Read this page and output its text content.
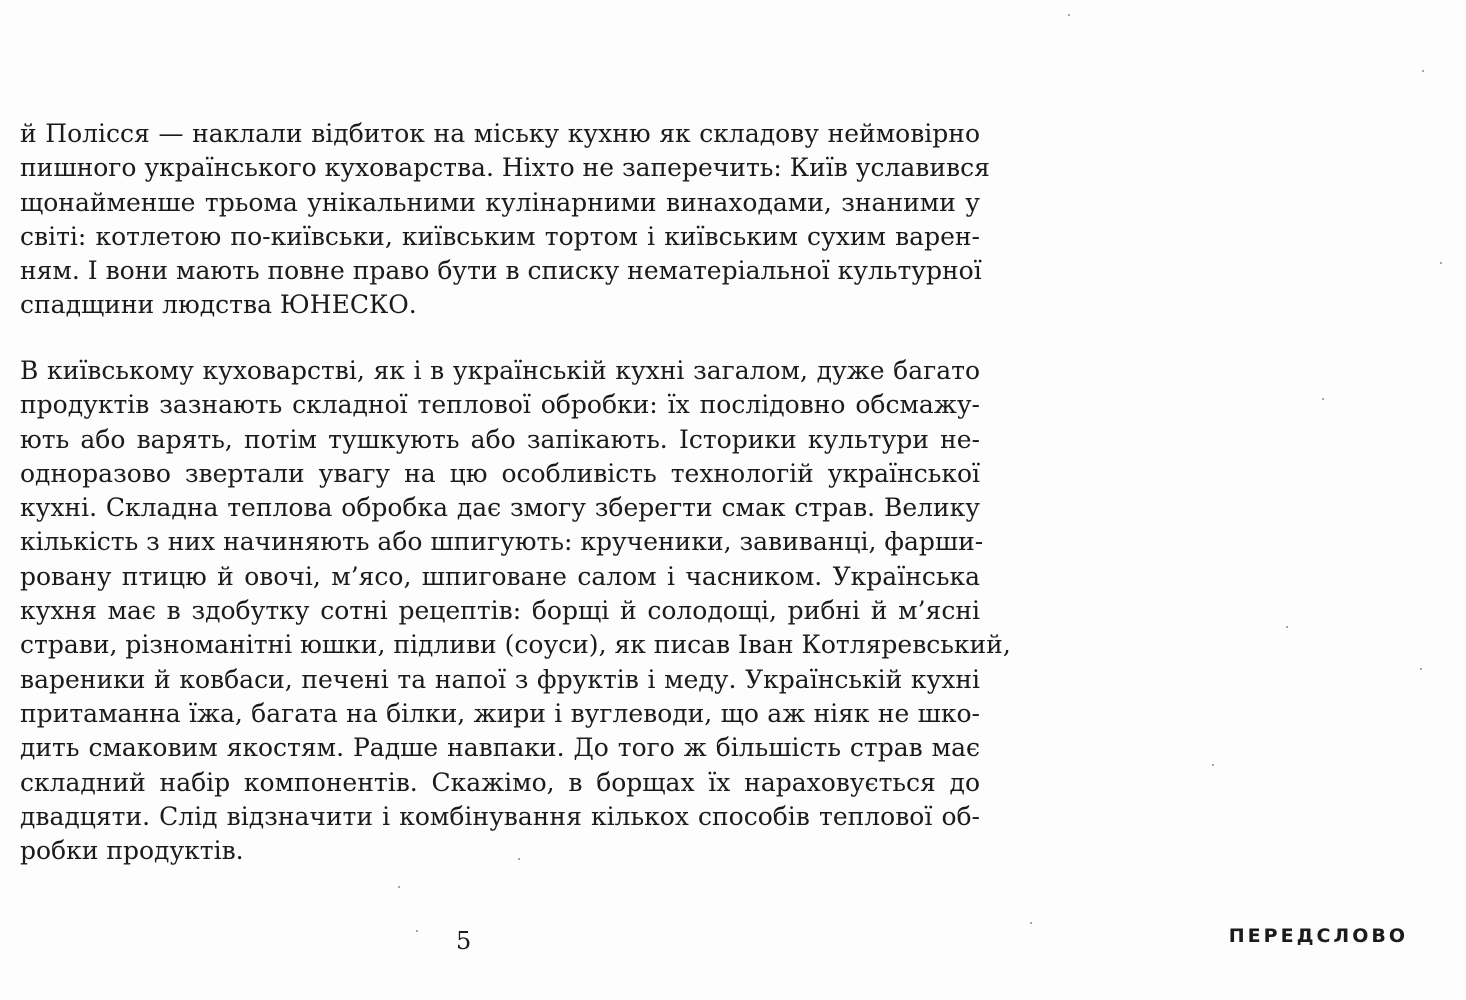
й Полісся — наклали відбиток на міську кухню як складову неймовірно
пишного українського куховарства. Ніхто не заперечить: Київ уславився
щонайменше трьома унікальними кулінарними винаходами, знаними у
світі: котлетою по-київськи, київським тортом і київським сухим варен-
ням. І вони мають повне право бути в списку нематеріальної культурної
спадщини людства ЮНЕСКО.
В київському куховарстві, як і в українській кухні загалом, дуже багато
продуктів зазнають складної теплової обробки: їх послідовно обсмажу-
ють або варять, потім тушкують або запікають. Історики культури не-
одноразово звертали увагу на цю особливість технологій української
кухні. Складна теплова обробка дає змогу зберегти смак страв. Велику
кількість з них начиняють або шпигують: крученики, завиванці, фарши-
ровану птицю й овочі, м’ясо, шпиговане салом і часником. Українська
кухня має в здобутку сотні рецептів: борщі й солодощі, рибні й м’ясні
страви, різноманітні юшки, підливи (соуси), як писав Іван Котляревський,
вареники й ковбаси, печені та напої з фруктів і меду. Українській кухні
притаманна їжа, багата на білки, жири і вуглеводи, що аж ніяк не шко-
дить смаковим якостям. Радше навпаки. До того ж більшість страв має
складний набір компонентів. Скажімо, в борщах їх нараховується до
двадцяти. Слід відзначити і комбінування кількох способів теплової об-
робки продуктів.

5	ПЕРЕДСЛОВО
